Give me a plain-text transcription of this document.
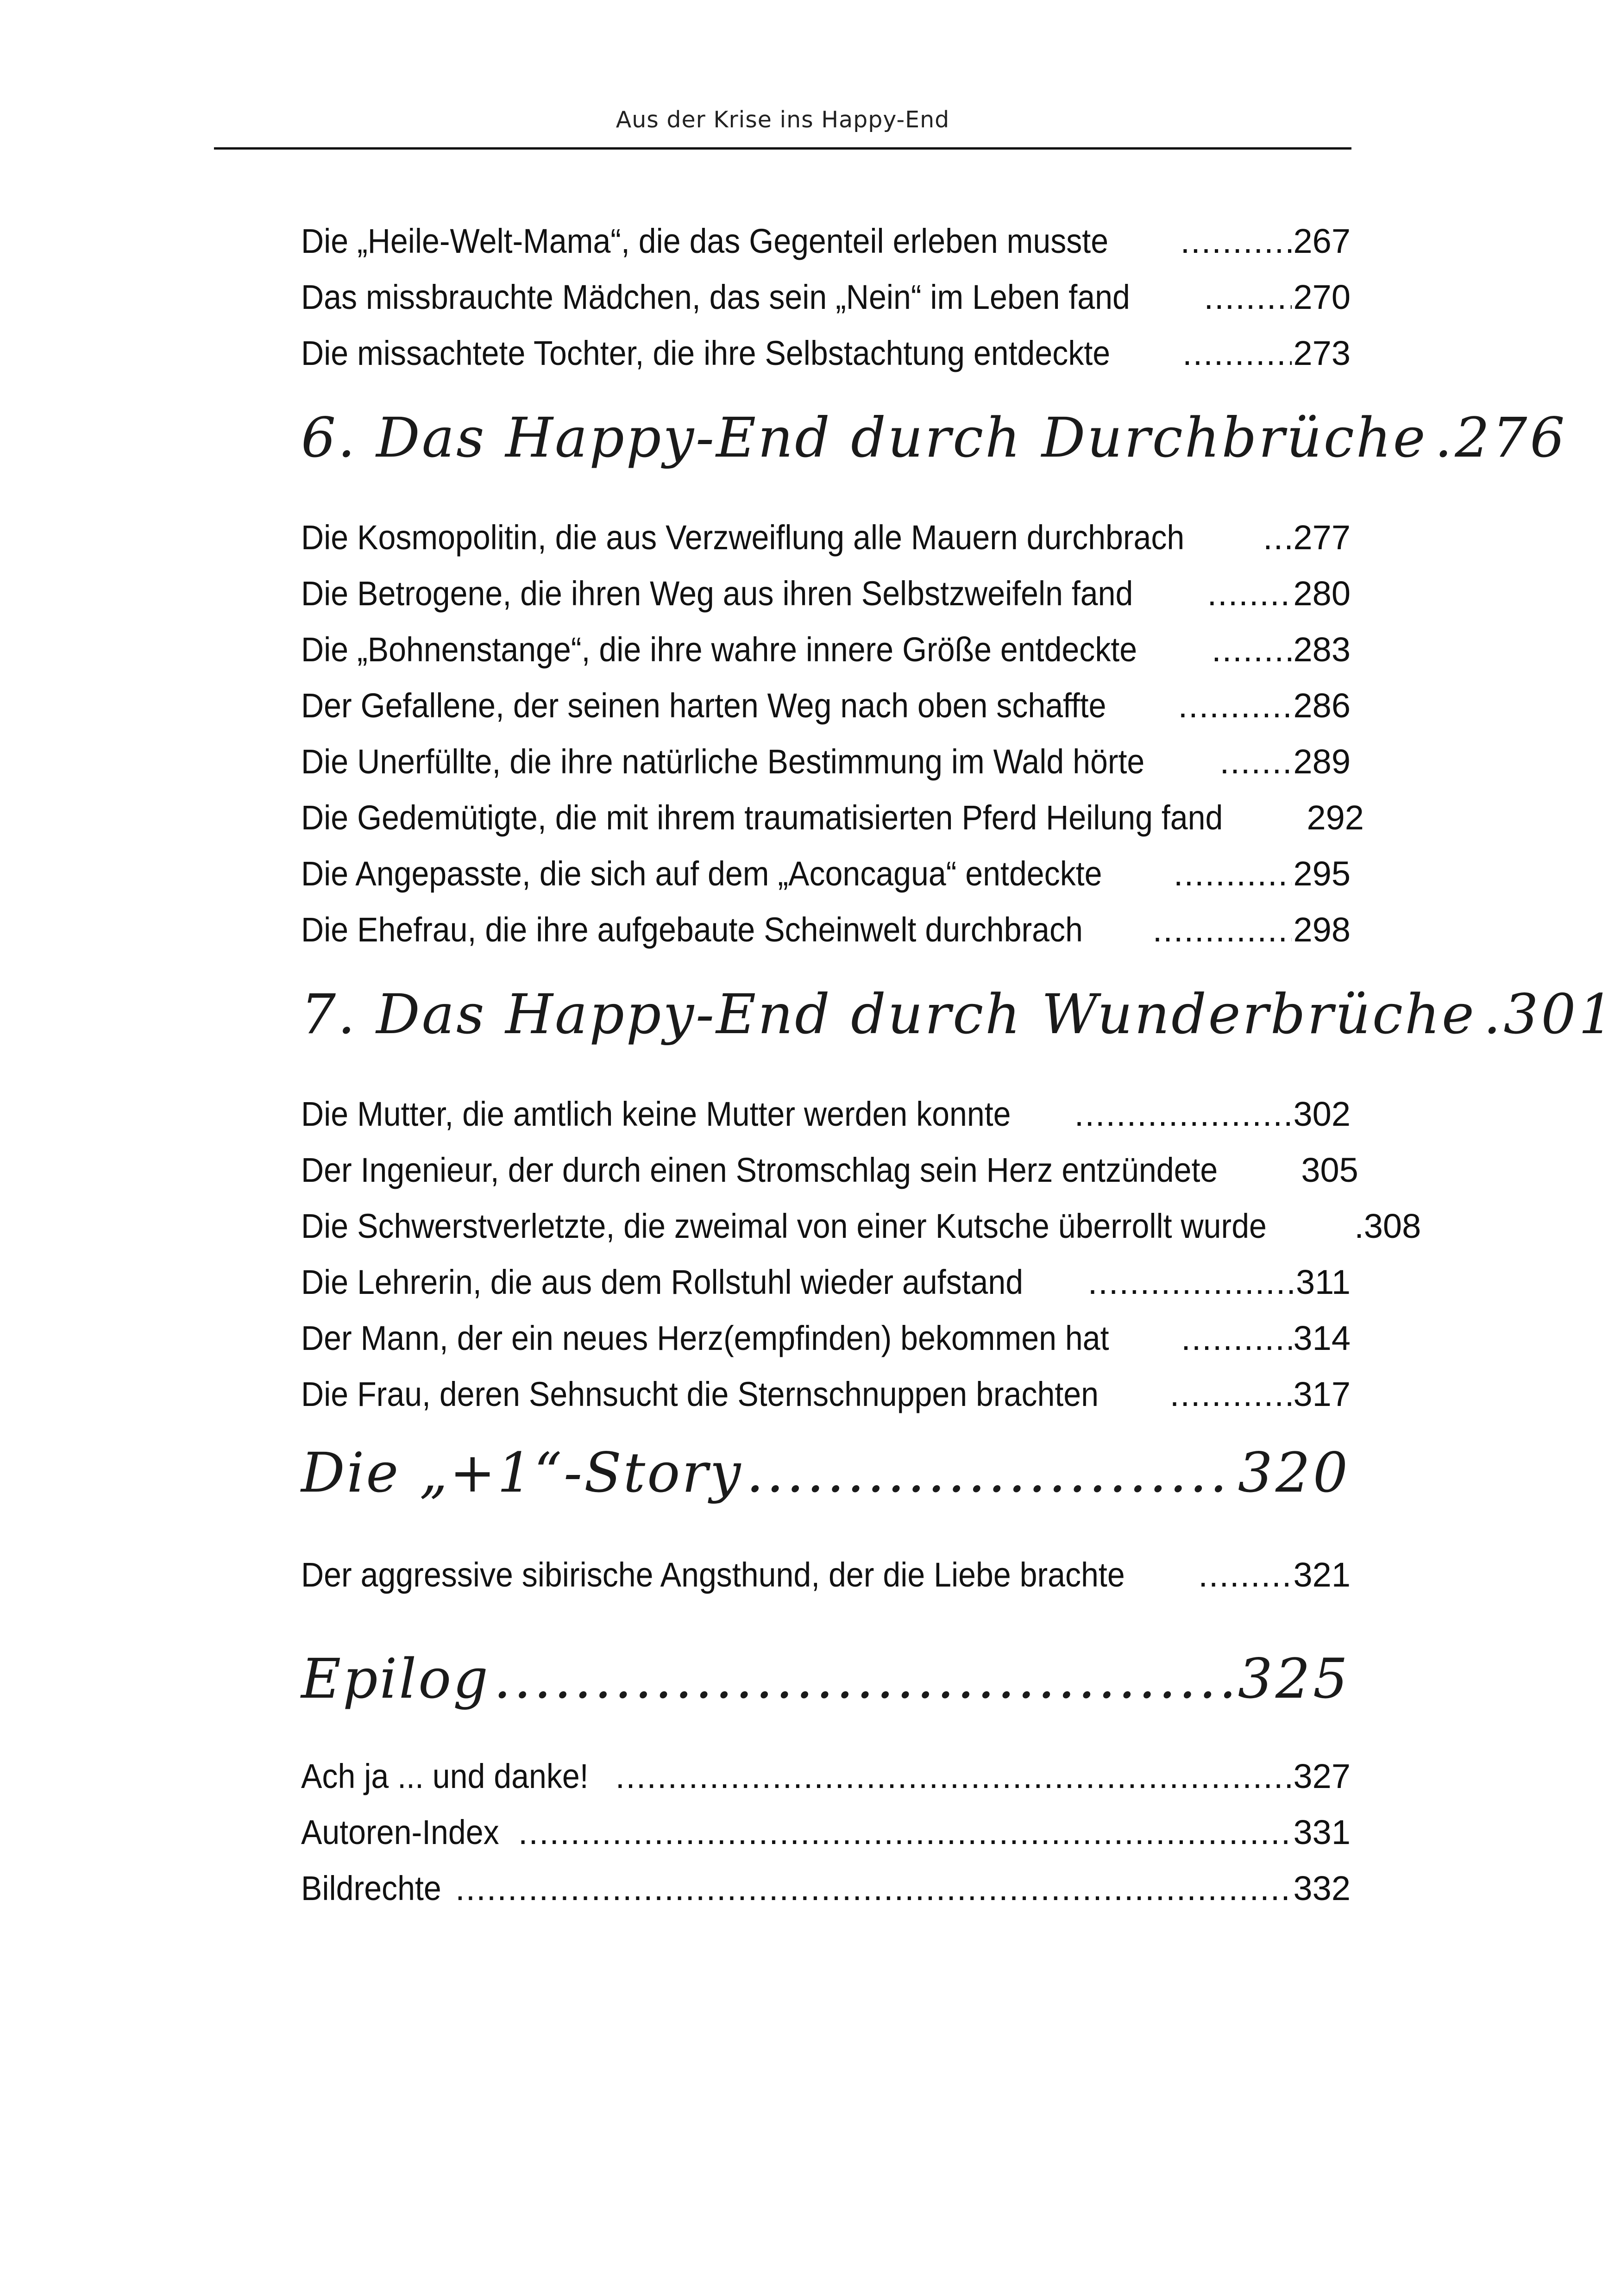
Aus der Krise ins Happy-End
Die „Heile-Welt-Mama“, die das Gegenteil erleben musste .....	267
Das missbrauchte Mädchen, das sein „Nein“ im Leben fand .....	270
Die missachtete Tochter, die ihre Selbstachtung entdeckte .....	273
6. Das Happy-End durch Durchbrüche .276
Die Kosmopolitin, die aus Verzweiflung alle Mauern durchbrach .....	277
Die Betrogene, die ihren Weg aus ihren Selbstzweifeln fand .....	280
Die „Bohnenstange“, die ihre wahre innere Größe entdeckte .....	283
Der Gefallene, der seinen harten Weg nach oben schaffte .....	286
Die Unerfüllte, die ihre natürliche Bestimmung im Wald hörte .....	289
Die Gedemütigte, die mit ihrem traumatisierten Pferd Heilung fand 292
Die Angepasste, die sich auf dem „Aconcagua“ entdeckte .....	295
Die Ehefrau, die ihre aufgebaute Scheinwelt durchbrach .....	298
7. Das Happy-End durch Wunderbrüche .301
Die Mutter, die amtlich keine Mutter werden konnte .....	302
Der Ingenieur, der durch einen Stromschlag sein Herz entzündete 305
Die Schwerstverletzte, die zweimal von einer Kutsche überrollt wurde	.308
Die Lehrerin, die aus dem Rollstuhl wieder aufstand .....	311
Der Mann, der ein neues Herz(empfinden) bekommen hat .....	314
Die Frau, deren Sehnsucht die Sternschnuppen brachten .....	317
Die „+1“-Story .....	320
Der aggressive sibirische Angsthund, der die Liebe brachte .....	321
Epilog .....	325
Ach ja ... und danke! .....	327
Autoren-Index .....	331
Bildrechte .....	332
